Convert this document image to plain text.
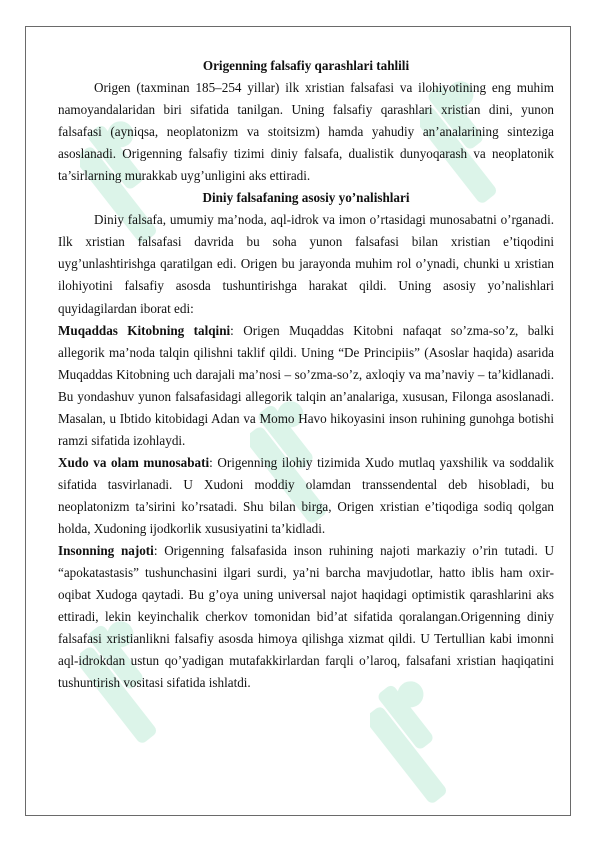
Origenning falsafiy qarashlari tahlili

Origen (taxminan 185–254 yillar) ilk xristian falsafasi va ilohiyotining eng muhim namoyandalaridan biri sifatida tanilgan. Uning falsafiy qarashlari xristian dini, yunon falsafasi (ayniqsa, neoplatonizm va stoitsizm) hamda yahudiy an’analarining sinteziga asoslanadi. Origenning falsafiy tizimi diniy falsafa, dualistik dunyoqarash va neoplatonik ta’sirlarning murakkab uyg’unligini aks ettiradi.

Diniy falsafaning asosiy yo’nalishlari

Diniy falsafa, umumiy ma’noda, aql-idrok va imon o’rtasidagi munosabatni o’rganadi. Ilk xristian falsafasi davrida bu soha yunon falsafasi bilan xristian e’tiqodini uyg’unlashtirishga qaratilgan edi. Origen bu jarayonda muhim rol o’ynadi, chunki u xristian ilohiyotini falsafiy asosda tushuntirishga harakat qildi. Uning asosiy yo’nalishlari quyidagilardan iborat edi:

Muqaddas Kitobning talqini: Origen Muqaddas Kitobni nafaqat so’zma-so’z, balki allegorik ma’noda talqin qilishni taklif qildi. Uning “De Principiis” (Asoslar haqida) asarida Muqaddas Kitobning uch darajali ma’nosi – so’zma-so’z, axloqiy va ma’naviy – ta’kidlanadi. Bu yondashuv yunon falsafasidagi allegorik talqin an’analariga, xususan, Filonga asoslanadi. Masalan, u Ibtido kitobidagi Adan va Momo Havo hikoyasini inson ruhining gunohga botishi ramzi sifatida izohlaydi.

Xudo va olam munosabati: Origenning ilohiy tizimida Xudo mutlaq yaxshilik va soddalik sifatida tasvirlanadi. U Xudoni moddiy olamdan transsendental deb hisobladi, bu neoplatonizm ta’sirini ko’rsatadi. Shu bilan birga, Origen xristian e’tiqodiga sodiq qolgan holda, Xudoning ijodkorlik xususiyatini ta’kidladi.

Insonning najoti: Origenning falsafasida inson ruhining najoti markaziy o’rin tutadi. U “apokatastasis” tushunchasini ilgari surdi, ya’ni barcha mavjudotlar, hatto iblis ham oxir-oqibat Xudoga qaytadi. Bu g’oya uning universal najot haqidagi optimistik qarashlarini aks ettiradi, lekin keyinchalik cherkov tomonidan bid’at sifatida qoralangan.Origenning diniy falsafasi xristianlikni falsafiy asosda himoya qilishga xizmat qildi. U Tertullian kabi imonni aql-idrokdan ustun qo’yadigan mutafakkirlardan farqli o’laroq, falsafani xristian haqiqatini tushuntirish vositasi sifatida ishlatdi.
